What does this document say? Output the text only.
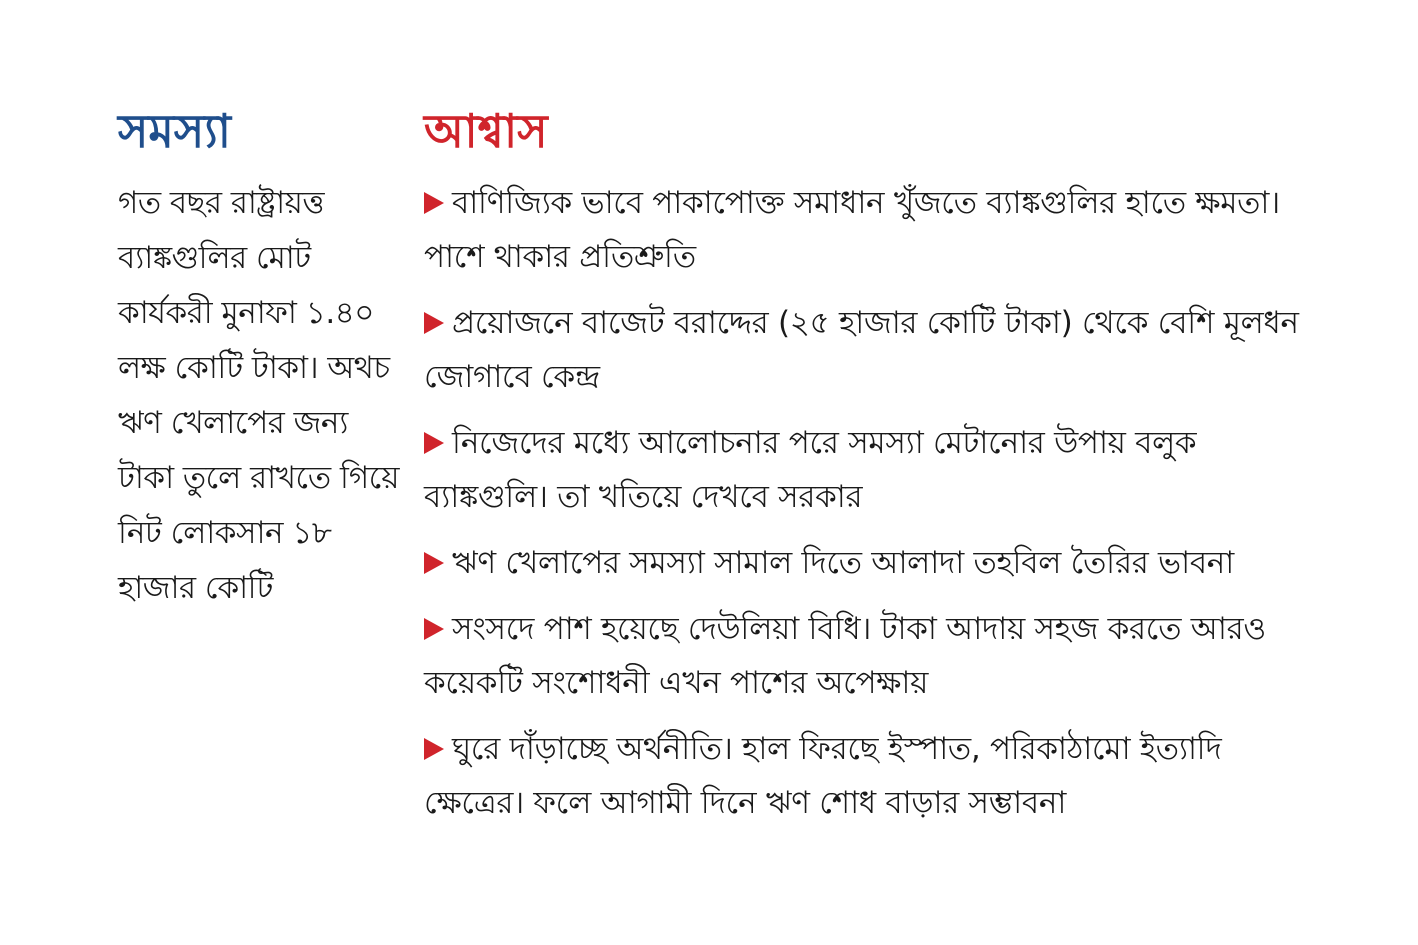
সমস্যা

গত বছর রাষ্ট্রায়ত্ত ব্যাঙ্কগুলির মোট কার্যকরী মুনাফা ১.৪০ লক্ষ কোটি টাকা। অথচ ঋণ খেলাপের জন্য টাকা তুলে রাখতে গিয়ে নিট লোকসান ১৮ হাজার কোটি

আশ্বাস
বাণিজ্যিক ভাবে পাকাপোক্ত সমাধান খুঁজতে ব্যাঙ্কগুলির হাতে ক্ষমতা। পাশে থাকার প্রতিশ্রুতি
প্রয়োজনে বাজেট বরাদ্দের (২৫ হাজার কোটি টাকা) থেকে বেশি মূলধন জোগাবে কেন্দ্র
নিজেদের মধ্যে আলোচনার পরে সমস্যা মেটানোর উপায় বলুক ব্যাঙ্কগুলি। তা খতিয়ে দেখবে সরকার
ঋণ খেলাপের সমস্যা সামাল দিতে আলাদা তহবিল তৈরির ভাবনা
সংসদে পাশ হয়েছে দেউলিয়া বিধি। টাকা আদায় সহজ করতে আরও কয়েকটি সংশোধনী এখন পাশের অপেক্ষায়
ঘুরে দাঁড়াচ্ছে অর্থনীতি। হাল ফিরছে ইস্পাত, পরিকাঠামো ইত্যাদি ক্ষেত্রের। ফলে আগামী দিনে ঋণ শোধ বাড়ার সম্ভাবনা
